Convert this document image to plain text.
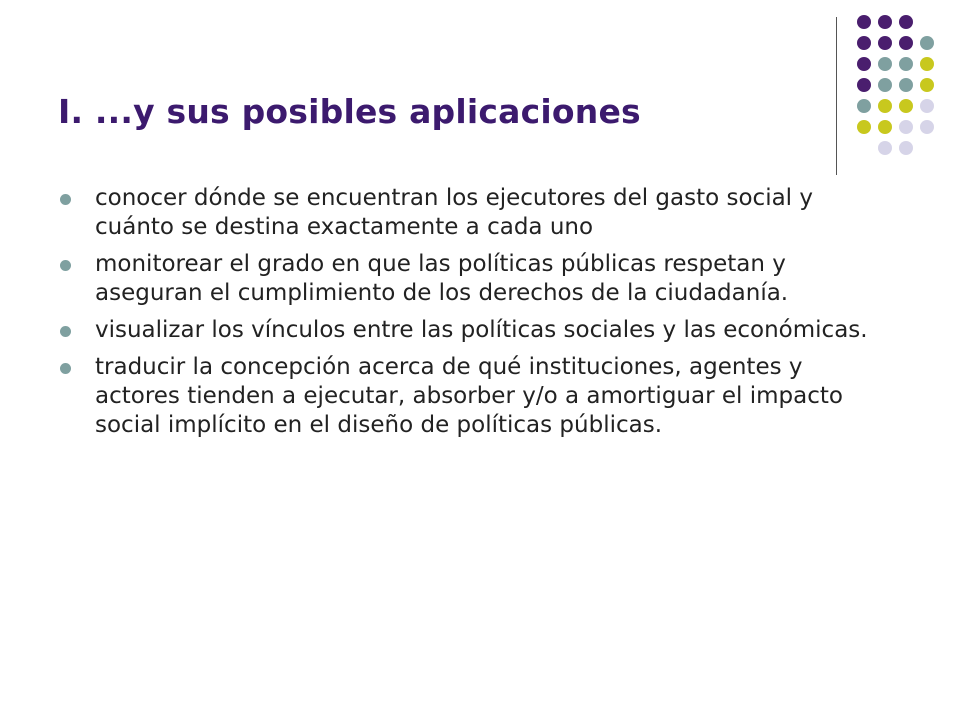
I. ...y sus posibles aplicaciones
conocer dónde se encuentran los ejecutores del gasto social y cuánto se destina exactamente a cada uno
monitorear el grado en que las políticas públicas respetan y aseguran el cumplimiento de los derechos de la ciudadanía.
visualizar los vínculos entre las políticas sociales y las económicas.
traducir la concepción acerca de qué instituciones, agentes y actores tienden a ejecutar, absorber y/o a amortiguar el impacto social implícito en el diseño de políticas públicas.
